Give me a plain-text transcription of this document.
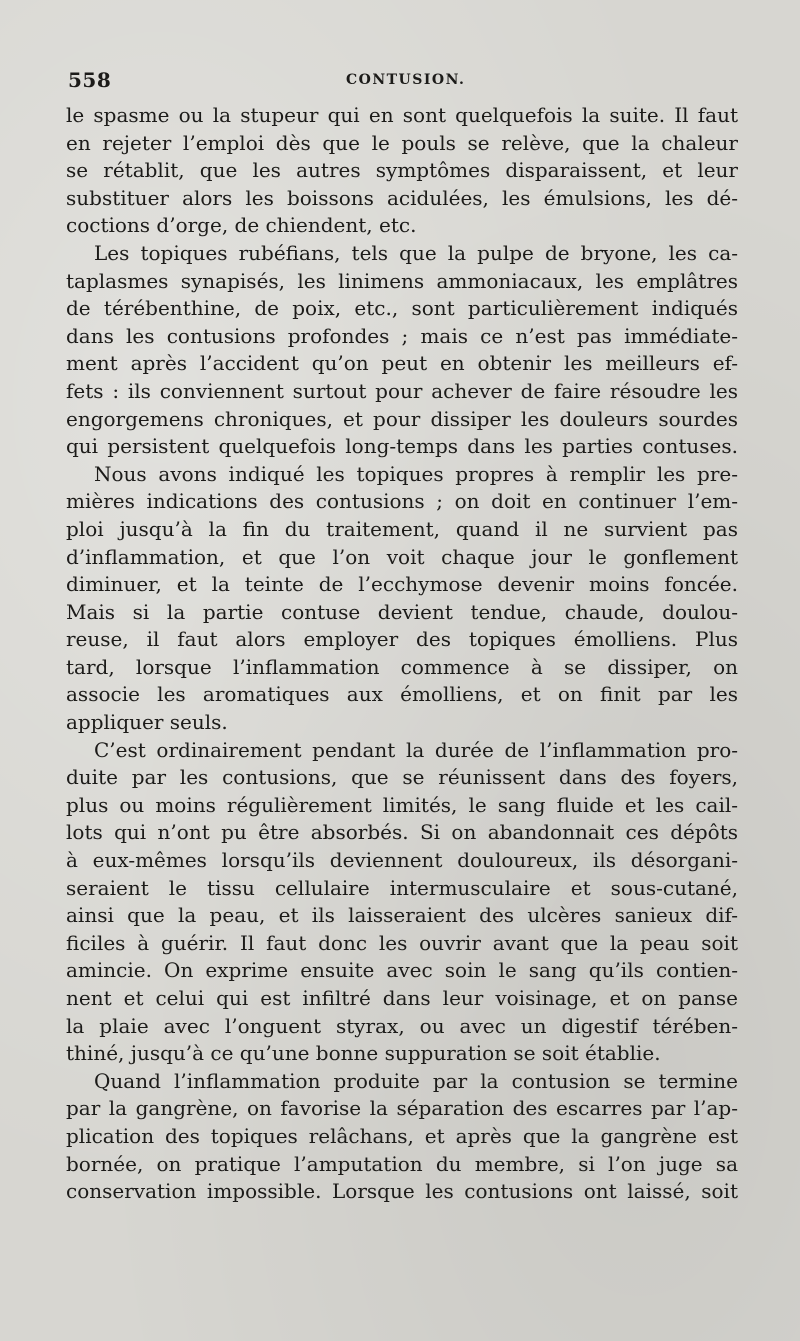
558	CONTUSION.
le spasme ou la stupeur qui en sont quelquefois la suite. Il faut
en rejeter l’emploi dès que le pouls se relève, que la chaleur
se rétablit, que les autres symptômes disparaissent, et leur
substituer alors les boissons acidulées, les émulsions, les dé-
coctions d’orge, de chiendent, etc.
Les topiques rubéfians, tels que la pulpe de bryone, les ca-
taplasmes synapisés, les linimens ammoniacaux, les emplâtres
de térébenthine, de poix, etc., sont particulièrement indiqués
dans les contusions profondes ; mais ce n’est pas immédiate-
ment après l’accident qu’on peut en obtenir les meilleurs ef-
fets : ils conviennent surtout pour achever de faire résoudre les
engorgemens chroniques, et pour dissiper les douleurs sourdes
qui persistent quelquefois long-temps dans les parties contuses.
Nous avons indiqué les topiques propres à remplir les pre-
mières indications des contusions ; on doit en continuer l’em-
ploi jusqu’à la fin du traitement, quand il ne survient pas
d’inflammation, et que l’on voit chaque jour le gonflement
diminuer, et la teinte de l’ecchymose devenir moins foncée.
Mais si la partie contuse devient tendue, chaude, doulou-
reuse, il faut alors employer des topiques émolliens. Plus
tard, lorsque l’inflammation commence à se dissiper, on
associe les aromatiques aux émolliens, et on finit par les
appliquer seuls.
C’est ordinairement pendant la durée de l’inflammation pro-
duite par les contusions, que se réunissent dans des foyers,
plus ou moins régulièrement limités, le sang fluide et les cail-
lots qui n’ont pu être absorbés. Si on abandonnait ces dépôts
à eux-mêmes lorsqu’ils deviennent douloureux, ils désorgani-
seraient le tissu cellulaire intermusculaire et sous-cutané,
ainsi que la peau, et ils laisseraient des ulcères sanieux dif-
ficiles à guérir. Il faut donc les ouvrir avant que la peau soit
amincie. On exprime ensuite avec soin le sang qu’ils contien-
nent et celui qui est infiltré dans leur voisinage, et on panse
la plaie avec l’onguent styrax, ou avec un digestif térében-
thiné, jusqu’à ce qu’une bonne suppuration se soit établie.
Quand l’inflammation produite par la contusion se termine
par la gangrène, on favorise la séparation des escarres par l’ap-
plication des topiques relâchans, et après que la gangrène est
bornée, on pratique l’amputation du membre, si l’on juge sa
conservation impossible. Lorsque les contusions ont laissé, soit
